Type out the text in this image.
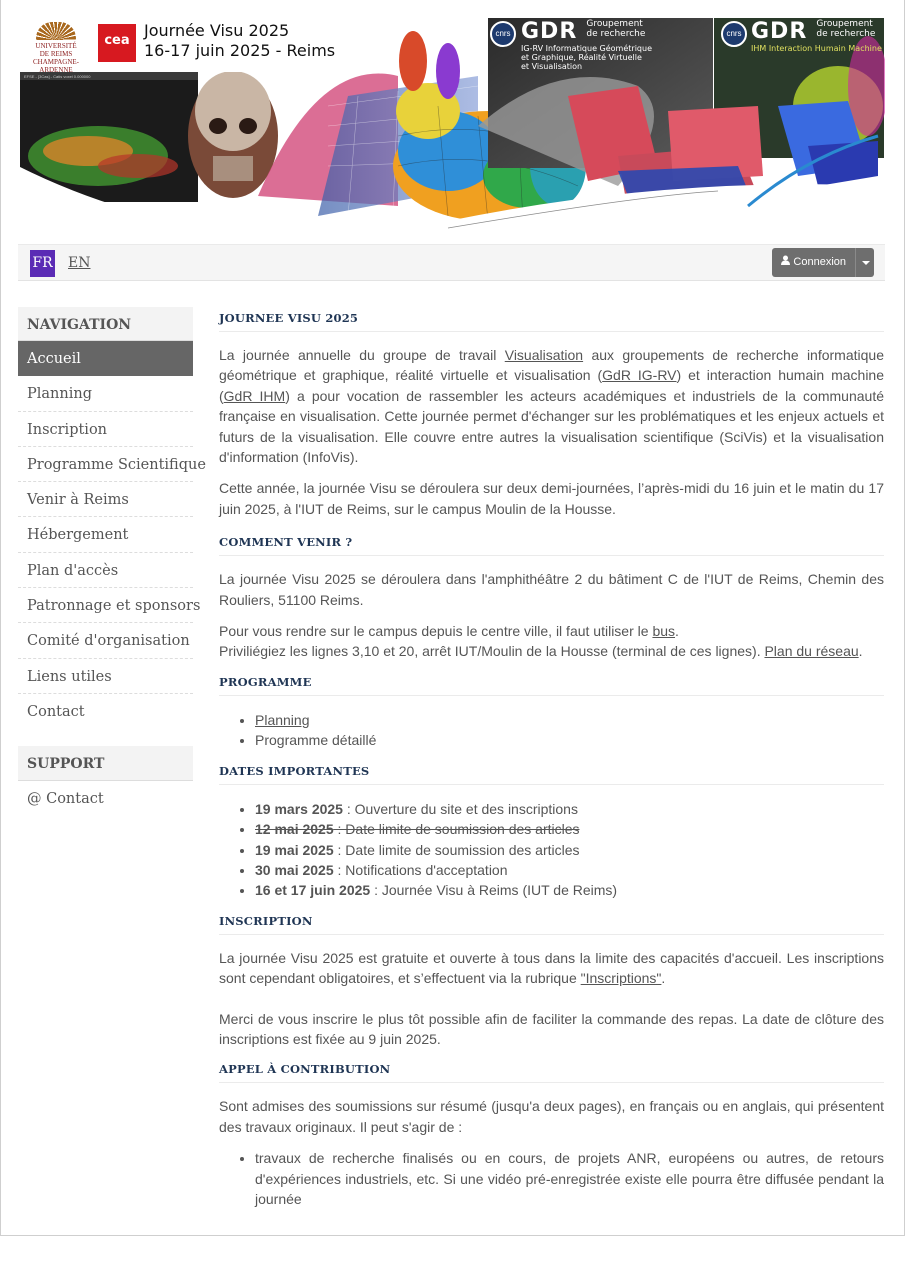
UNIVERSITÉ
DE REIMS
CHAMPAGNE-ARDENNE
cea
Journée Visu 2025
16-17 juin 2025 - Reims
EFSE - [3Cas] - Catis voxel 0.000000
cnrs GDR Groupement
de recherche
IG-RV Informatique Géométrique
et Graphique, Réalité Virtuelle
et Visualisation
cnrs GDR Groupement
de recherche
IHM Interaction Humain Machine
FR EN	Connexion
NAVIGATION
Accueil
Planning
Inscription
Programme Scientifique
Venir à Reims
Hébergement
Plan d'accès
Patronnage et sponsors
Comité d'organisation
Liens utiles
Contact
SUPPORT
@ Contact
JOURNEE VISU 2025

La journée annuelle du groupe de travail Visualisation aux groupements de recherche informatique géométrique et graphique, réalité virtuelle et visualisation (GdR IG-RV) et interaction humain machine (GdR IHM) a pour vocation de rassembler les acteurs académiques et industriels de la communauté française en visualisation. Cette journée permet d'échanger sur les problématiques et les enjeux actuels et futurs de la visualisation. Elle couvre entre autres la visualisation scientifique (SciVis) et la visualisation d'information (InfoVis).

Cette année, la journée Visu se déroulera sur deux demi-journées, l’après-midi du 16 juin et le matin du 17 juin 2025, à l'IUT de Reims, sur le campus Moulin de la Housse.

COMMENT VENIR ?

La journée Visu 2025 se déroulera dans l'amphithéâtre 2 du bâtiment C de l'IUT de Reims, Chemin des Rouliers, 51100 Reims.

Pour vous rendre sur le campus depuis le centre ville, il faut utiliser le bus.
Priviliégiez les lignes 3,10 et 20, arrêt IUT/Moulin de la Housse (terminal de ces lignes). Plan du réseau.

PROGRAMME
• Planning
• Programme détaillé
DATES IMPORTANTES
• 19 mars 2025 : Ouverture du site et des inscriptions
• 12 mai 2025 : Date limite de soumission des articles
• 19 mai 2025 : Date limite de soumission des articles
• 30 mai 2025 : Notifications d'acceptation
• 16 et 17 juin 2025 : Journée Visu à Reims (IUT de Reims)
INSCRIPTION

La journée Visu 2025 est gratuite et ouverte à tous dans la limite des capacités d'accueil. Les inscriptions sont cependant obligatoires, et s’effectuent via la rubrique "Inscriptions".

Merci de vous inscrire le plus tôt possible afin de faciliter la commande des repas. La date de clôture des inscriptions est fixée au 9 juin 2025.

APPEL À CONTRIBUTION

Sont admises des soumissions sur résumé (jusqu'a deux pages), en français ou en anglais, qui présentent des travaux originaux. Il peut s'agir de :

• travaux de recherche finalisés ou en cours, de projets ANR, européens ou autres, de retours d'expériences industriels, etc. Si une vidéo pré-enregistrée existe elle pourra être diffusée pendant la journée
